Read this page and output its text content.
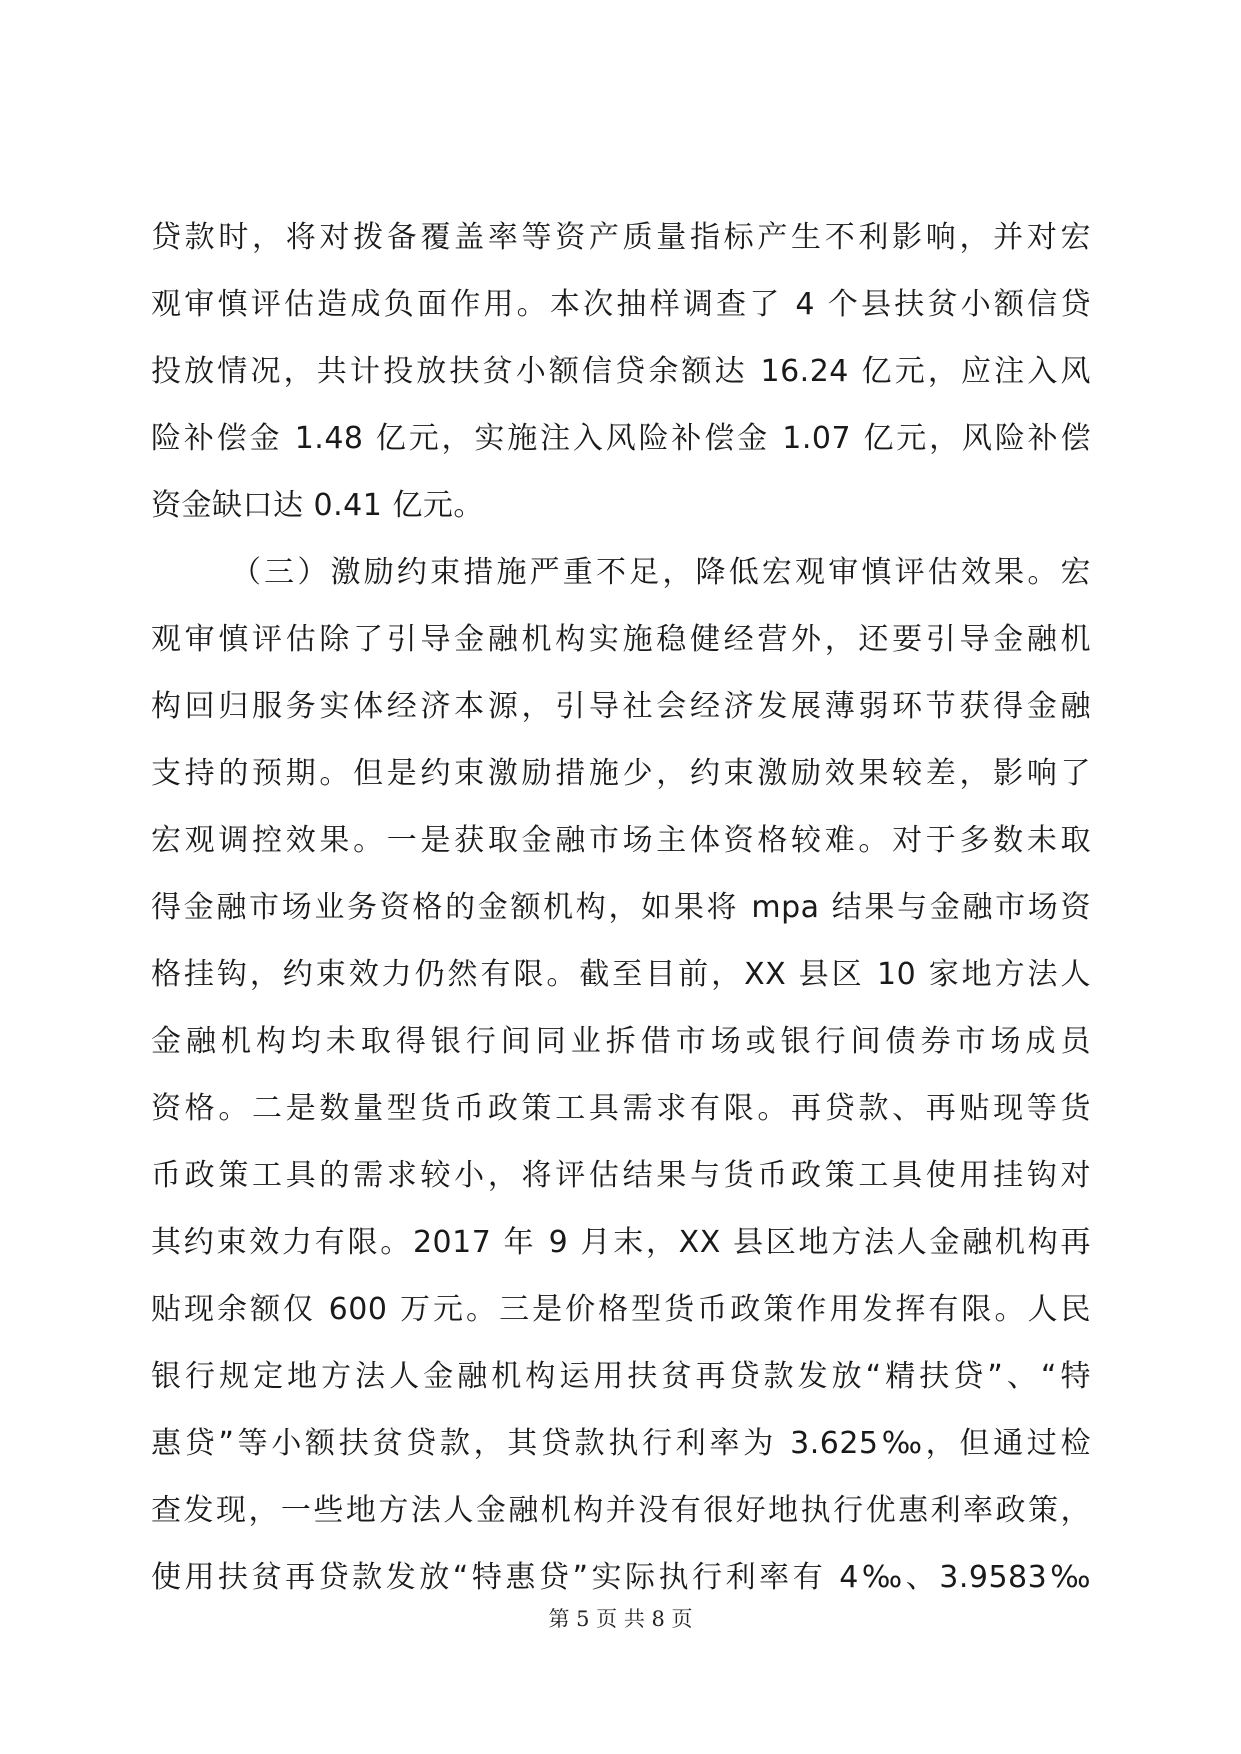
贷款时，将对拨备覆盖率等资产质量指标产生不利影响，并对宏
观审慎评估造成负面作用。本次抽样调查了 4 个县扶贫小额信贷
投放情况，共计投放扶贫小额信贷余额达 16.24 亿元，应注入风
险补偿金 1.48 亿元，实施注入风险补偿金 1.07 亿元，风险补偿
资金缺口达 0.41 亿元。
（三）激励约束措施严重不足，降低宏观审慎评估效果。宏
观审慎评估除了引导金融机构实施稳健经营外，还要引导金融机
构回归服务实体经济本源，引导社会经济发展薄弱环节获得金融
支持的预期。但是约束激励措施少，约束激励效果较差，影响了
宏观调控效果。一是获取金融市场主体资格较难。对于多数未取
得金融市场业务资格的金额机构，如果将 mpa 结果与金融市场资
格挂钩，约束效力仍然有限。截至目前，XX 县区 10 家地方法人
金融机构均未取得银行间同业拆借市场或银行间债券市场成员
资格。二是数量型货币政策工具需求有限。再贷款、再贴现等货
币政策工具的需求较小，将评估结果与货币政策工具使用挂钩对
其约束效力有限。2017 年 9 月末，XX 县区地方法人金融机构再
贴现余额仅 600 万元。三是价格型货币政策作用发挥有限。人民
银行规定地方法人金融机构运用扶贫再贷款发放“精扶贷”、“特
惠贷”等小额扶贫贷款，其贷款执行利率为 3.625‰，但通过检
查发现，一些地方法人金融机构并没有很好地执行优惠利率政策，
使用扶贫再贷款发放“特惠贷”实际执行利率有 4‰、3.9583‰
第 5 页 共 8 页
